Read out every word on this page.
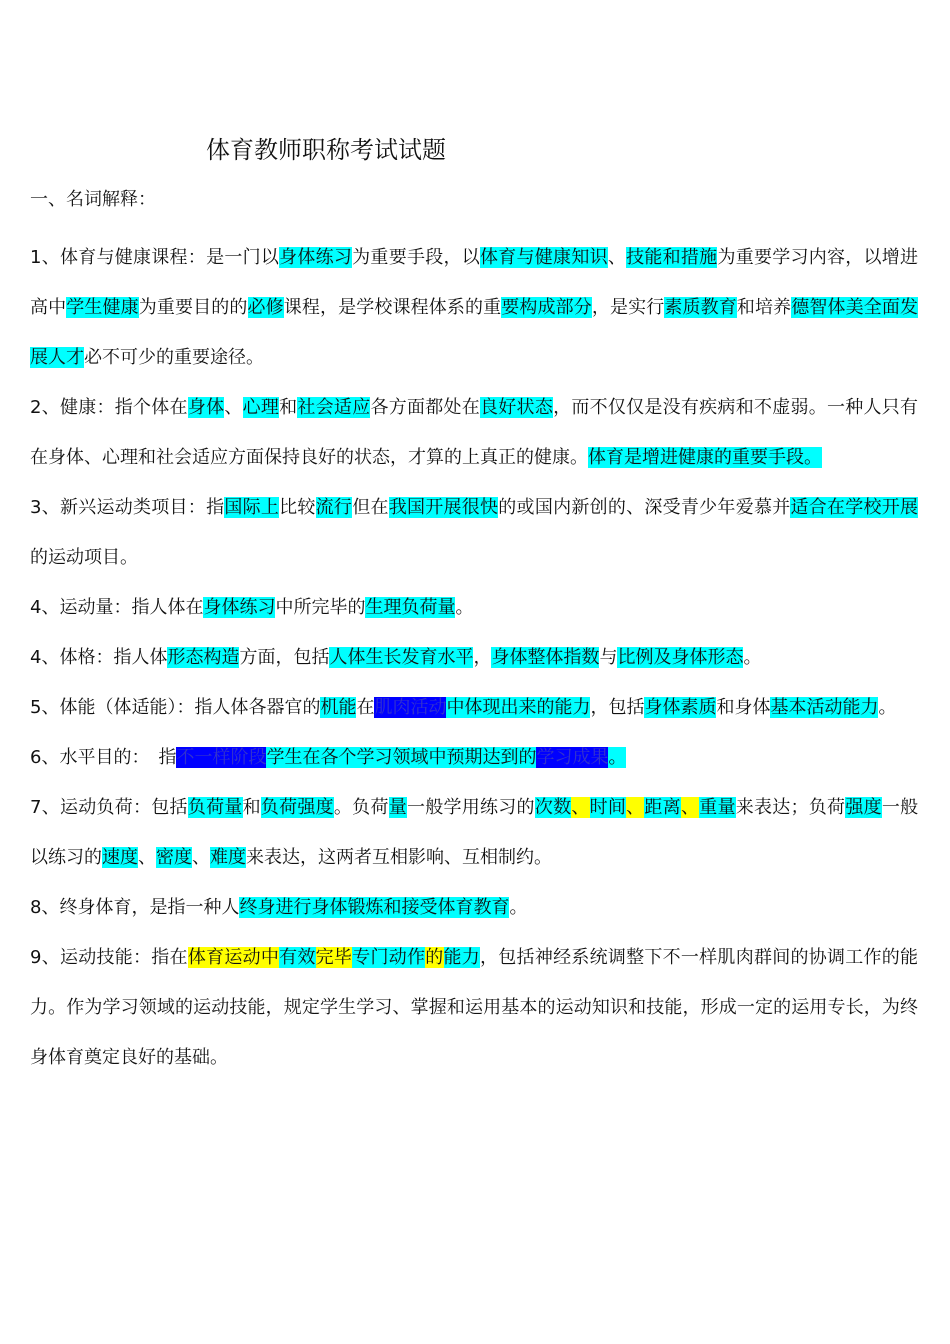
体育教师职称考试试题
一、名词解释：

1、体育与健康课程：是一门以身体练习为重要手段，以体育与健康知识、技能和措施为重要学习内容，以增进高中学生健康为重要目的的必修课程，是学校课程体系的重要构成部分，是实行素质教育和培养德智体美全面发展人才必不可少的重要途径。

2、健康：指个体在身体、心理和社会适应各方面都处在良好状态，而不仅仅是没有疾病和不虚弱。一种人只有在身体、心理和社会适应方面保持良好的状态，才算的上真正的健康。体育是增进健康的重要手段。

3、新兴运动类项目：指国际上比较流行但在我国开展很快的或国内新创的、深受青少年爱慕并适合在学校开展的运动项目。

4、运动量：指人体在身体练习中所完毕的生理负荷量。

4、体格：指人体形态构造方面，包括人体生长发育水平，身体整体指数与比例及身体形态。

5、体能（体适能）：指人体各器官的机能在肌肉活动中体现出来的能力，包括身体素质和身体基本活动能力。

6、水平目的：　指不一样阶段学生在各个学习领域中预期达到的学习成果。

7、运动负荷：包括负荷量和负荷强度。负荷量一般学用练习的次数、时间、距离、重量来表达；负荷强度一般以练习的速度、密度、难度来表达，这两者互相影响、互相制约。

8、终身体育，是指一种人终身进行身体锻炼和接受体育教育。

9、运动技能：指在体育运动中有效完毕专门动作的能力，包括神经系统调整下不一样肌肉群间的协调工作的能力。作为学习领域的运动技能，规定学生学习、掌握和运用基本的运动知识和技能，形成一定的运用专长，为终身体育奠定良好的基础。
